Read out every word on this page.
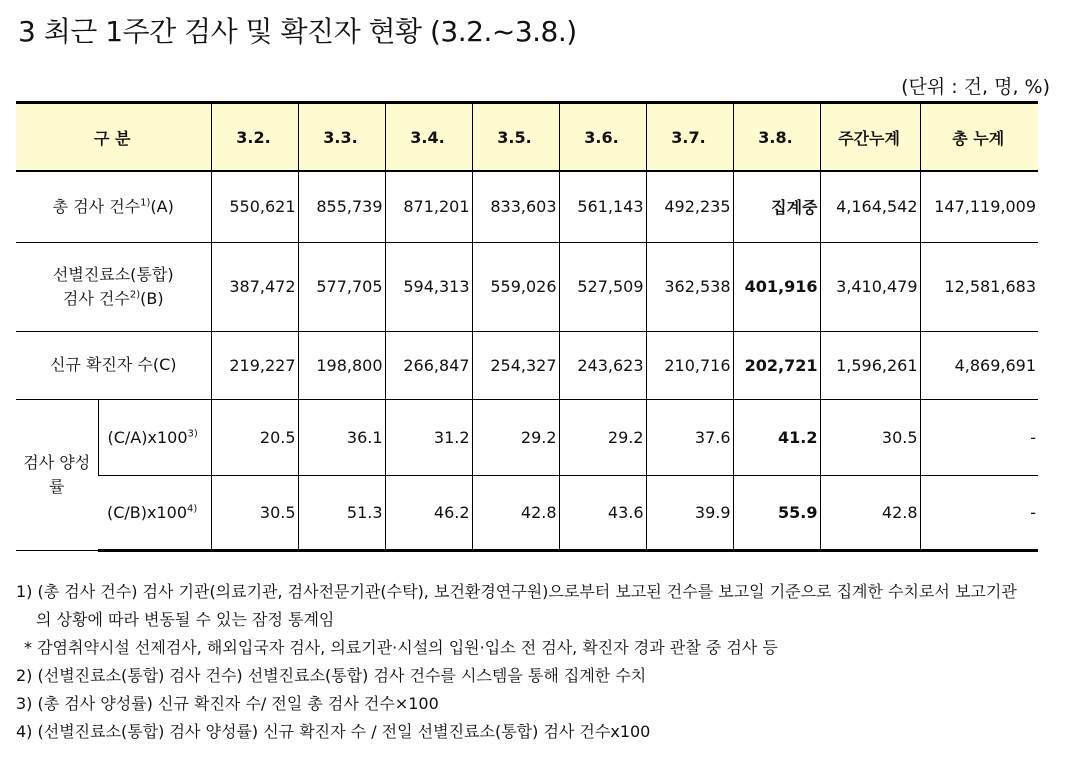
3 최근 1주간 검사 및 확진자 현황 (3.2.~3.8.)
(단위 : 건, 명, %)
구 분		3.2.	3.3.	3.4.	3.5.	3.6.	3.7.	3.8.	주간누계	총 누계
총 검사 건수$^{1)}$(A)		550,621	855,739	871,201	833,603	561,143	492,235	집계중	4,164,542	147,119,009
선별진료소(통합)
검사 건수$^{2)}$(B)		387,472	577,705	594,313	559,026	527,509	362,538	401,916	3,410,479	12,581,683
신규 확진자 수(C)		219,227	198,800	266,847	254,327	243,623	210,716	202,721	1,596,261	4,869,691
검사 양성
률	(C/A)x100$^{3)}$	20.5	36.1	31.2	29.2	29.2	37.6	41.2	30.5	-
	(C/B)x100$^{4)}$	30.5	51.3	46.2	42.8	43.6	39.9	55.9	42.8	-
1) (총 검사 건수) 검사 기관(의료기관, 검사전문기관(수탁), 보건환경연구원)으로부터 보고된 건수를 보고일 기준으로 집계한 수치로서 보고기관
의 상황에 따라 변동될 수 있는 잠정 통계임
* 감염취약시설 선제검사, 해외입국자 검사, 의료기관·시설의 입원·입소 전 검사, 확진자 경과 관찰 중 검사 등
2) (선별진료소(통합) 검사 건수) 선별진료소(통합) 검사 건수를 시스템을 통해 집계한 수치
3) (총 검사 양성률) 신규 확진자 수/ 전일 총 검사 건수×100
4) (선별진료소(통합) 검사 양성률) 신규 확진자 수 / 전일 선별진료소(통합) 검사 건수x100
